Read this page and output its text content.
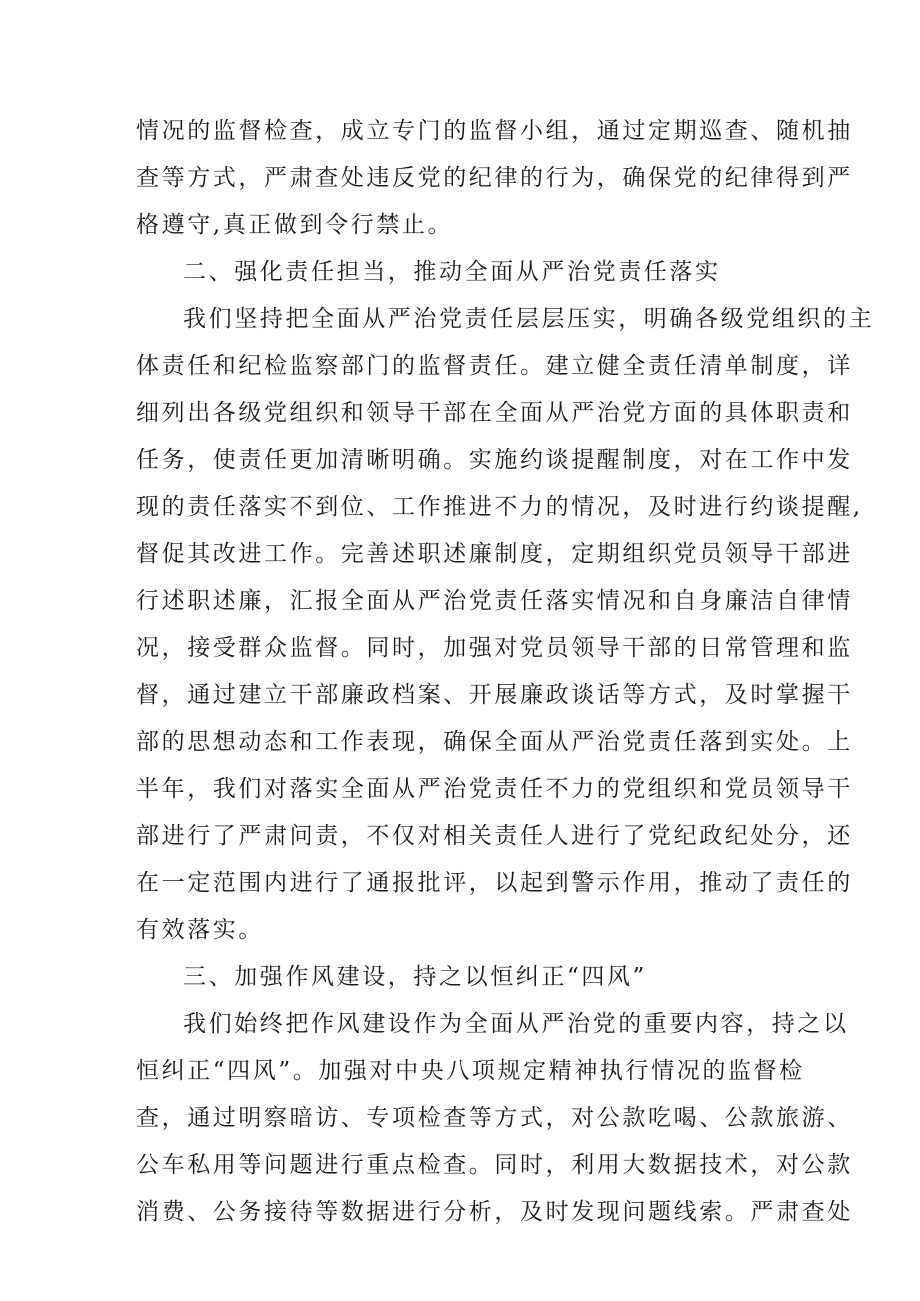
情况的监督检查，成立专门的监督小组，通过定期巡查、随机抽
查等方式，严肃查处违反党的纪律的行为，确保党的纪律得到严
格遵守,真正做到令行禁止。
二、强化责任担当，推动全面从严治党责任落实
我们坚持把全面从严治党责任层层压实，明确各级党组织的主
体责任和纪检监察部门的监督责任。建立健全责任清单制度，详
细列出各级党组织和领导干部在全面从严治党方面的具体职责和
任务，使责任更加清晰明确。实施约谈提醒制度，对在工作中发
现的责任落实不到位、工作推进不力的情况，及时进行约谈提醒,
督促其改进工作。完善述职述廉制度，定期组织党员领导干部进
行述职述廉，汇报全面从严治党责任落实情况和自身廉洁自律情
况，接受群众监督。同时，加强对党员领导干部的日常管理和监
督，通过建立干部廉政档案、开展廉政谈话等方式，及时掌握干
部的思想动态和工作表现，确保全面从严治党责任落到实处。上
半年，我们对落实全面从严治党责任不力的党组织和党员领导干
部进行了严肃问责，不仅对相关责任人进行了党纪政纪处分，还
在一定范围内进行了通报批评，以起到警示作用，推动了责任的
有效落实。
三、加强作风建设，持之以恒纠正“四风”
我们始终把作风建设作为全面从严治党的重要内容，持之以
恒纠正“四风”。加强对中央八项规定精神执行情况的监督检
查，通过明察暗访、专项检查等方式，对公款吃喝、公款旅游、
公车私用等问题进行重点检查。同时，利用大数据技术，对公款
消费、公务接待等数据进行分析，及时发现问题线索。严肃查处
